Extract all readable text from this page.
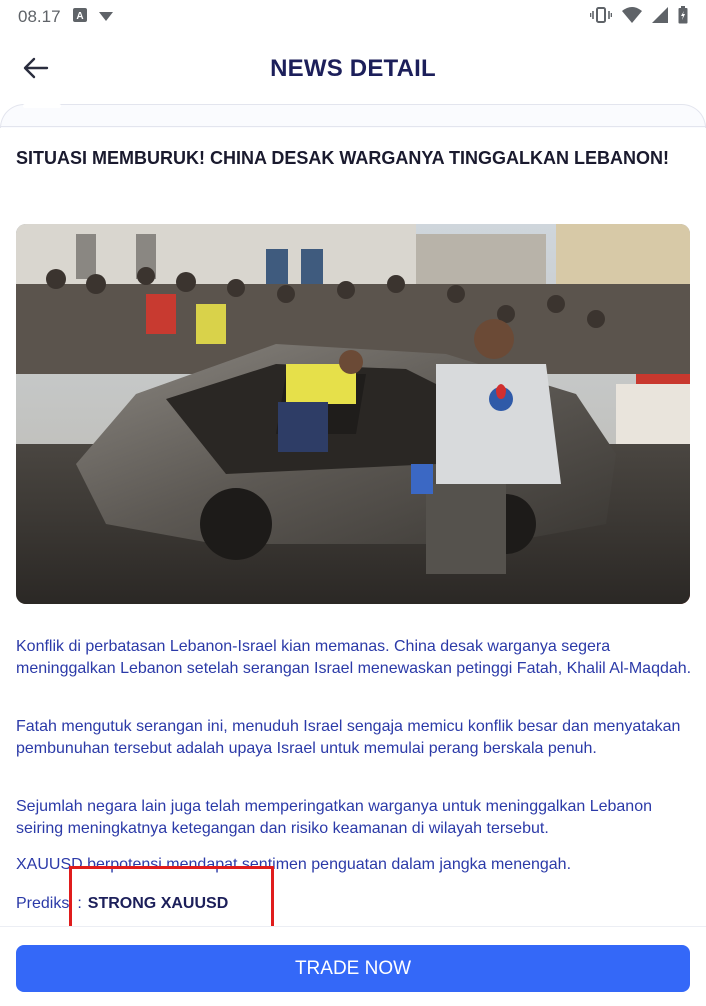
08.17 A
NEWS DETAIL
SITUASI MEMBURUK! CHINA DESAK WARGANYA TINGGALKAN LEBANON!
Konflik di perbatasan Lebanon-Israel kian memanas. China desak warganya segera meninggalkan Lebanon setelah serangan Israel menewaskan petinggi Fatah, Khalil Al-Maqdah.
Fatah mengutuk serangan ini, menuduh Israel sengaja memicu konflik besar dan menyatakan pembunuhan tersebut adalah upaya Israel untuk memulai perang berskala penuh.
Sejumlah negara lain juga telah memperingatkan warganya untuk meninggalkan Lebanon seiring meningkatnya ketegangan dan risiko keamanan di wilayah tersebut.
XAUUSD berpotensi mendapat sentimen penguatan dalam jangka menengah.
Prediksi : STRONG XAUUSD
TRADE NOW
